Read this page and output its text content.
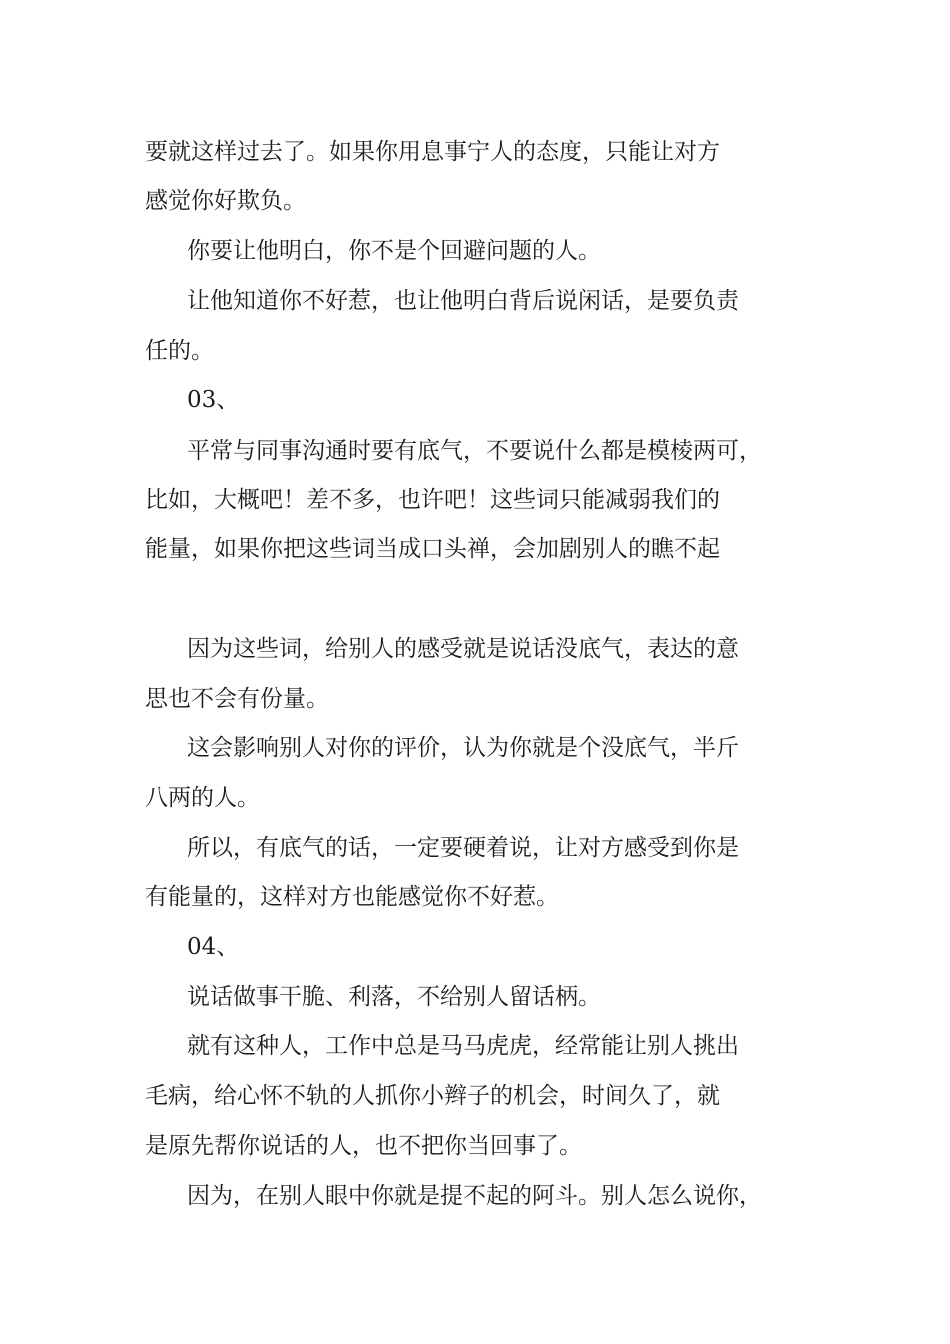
要就这样过去了。如果你用息事宁人的态度，只能让对方
感觉你好欺负。
你要让他明白，你不是个回避问题的人。
让他知道你不好惹，也让他明白背后说闲话，是要负责
任的。
03、
平常与同事沟通时要有底气，不要说什么都是模棱两可，
比如，大概吧！差不多，也许吧！这些词只能减弱我们的
能量，如果你把这些词当成口头禅，会加剧别人的瞧不起
因为这些词，给别人的感受就是说话没底气，表达的意
思也不会有份量。
这会影响别人对你的评价，认为你就是个没底气，半斤
八两的人。
所以，有底气的话，一定要硬着说，让对方感受到你是
有能量的，这样对方也能感觉你不好惹。
04、
说话做事干脆、利落，不给别人留话柄。
就有这种人，工作中总是马马虎虎，经常能让别人挑出
毛病，给心怀不轨的人抓你小辫子的机会，时间久了，就
是原先帮你说话的人，也不把你当回事了。
因为，在别人眼中你就是提不起的阿斗。别人怎么说你，
